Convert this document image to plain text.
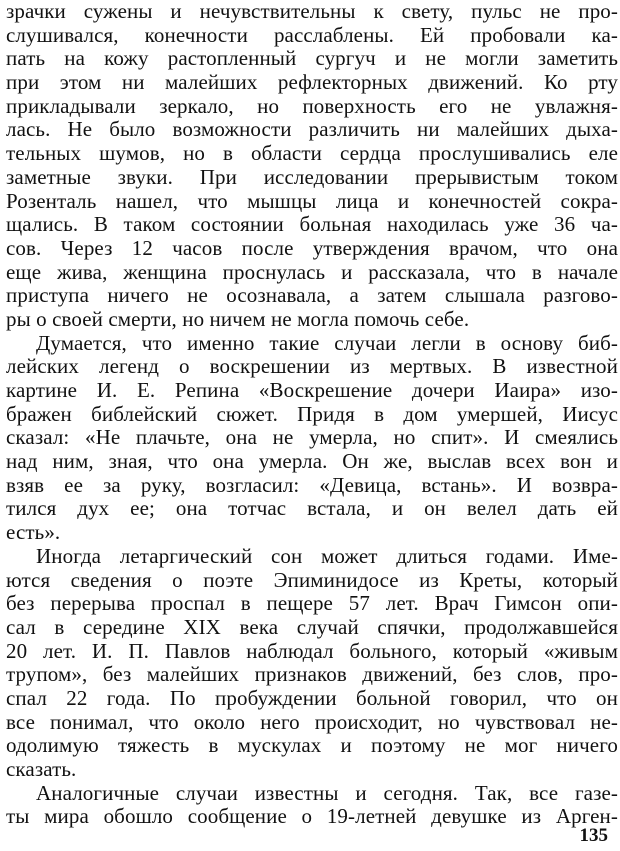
зрачки сужены и нечувствительны к свету, пульс не про-
слушивался, конечности расслаблены. Ей пробовали ка-
пать на кожу растопленный сургуч и не могли заметить
при этом ни малейших рефлекторных движений. Ко рту
прикладывали зеркало, но поверхность его не увлажня-
лась. Не было возможности различить ни малейших дыха-
тельных шумов, но в области сердца прослушивались еле
заметные звуки. При исследовании прерывистым током
Розенталь нашел, что мышцы лица и конечностей сокра-
щались. В таком состоянии больная находилась уже 36 ча-
сов. Через 12 часов после утверждения врачом, что она
еще жива, женщина проснулась и рассказала, что в начале
приступа ничего не осознавала, а затем слышала разгово-
ры о своей смерти, но ничем не могла помочь себе.
Думается, что именно такие случаи легли в основу биб-
лейских легенд о воскрешении из мертвых. В известной
картине И. Е. Репина «Воскрешение дочери Иаира» изо-
бражен библейский сюжет. Придя в дом умершей, Иисус
сказал: «Не плачьте, она не умерла, но спит». И смеялись
над ним, зная, что она умерла. Он же, выслав всех вон и
взяв ее за руку, возгласил: «Девица, встань». И возвра-
тился дух ее; она тотчас встала, и он велел дать ей
есть».
Иногда летаргический сон может длиться годами. Име-
ются сведения о поэте Эпиминидосе из Креты, который
без перерыва проспал в пещере 57 лет. Врач Гимсон опи-
сал в середине XIX века случай спячки, продолжавшейся
20 лет. И. П. Павлов наблюдал больного, который «живым
трупом», без малейших признаков движений, без слов, про-
спал 22 года. По пробуждении больной говорил, что он
все понимал, что около него происходит, но чувствовал не-
одолимую тяжесть в мускулах и поэтому не мог ничего
сказать.
Аналогичные случаи известны и сегодня. Так, все газе-
ты мира обошло сообщение о 19-летней девушке из Арген-
135
